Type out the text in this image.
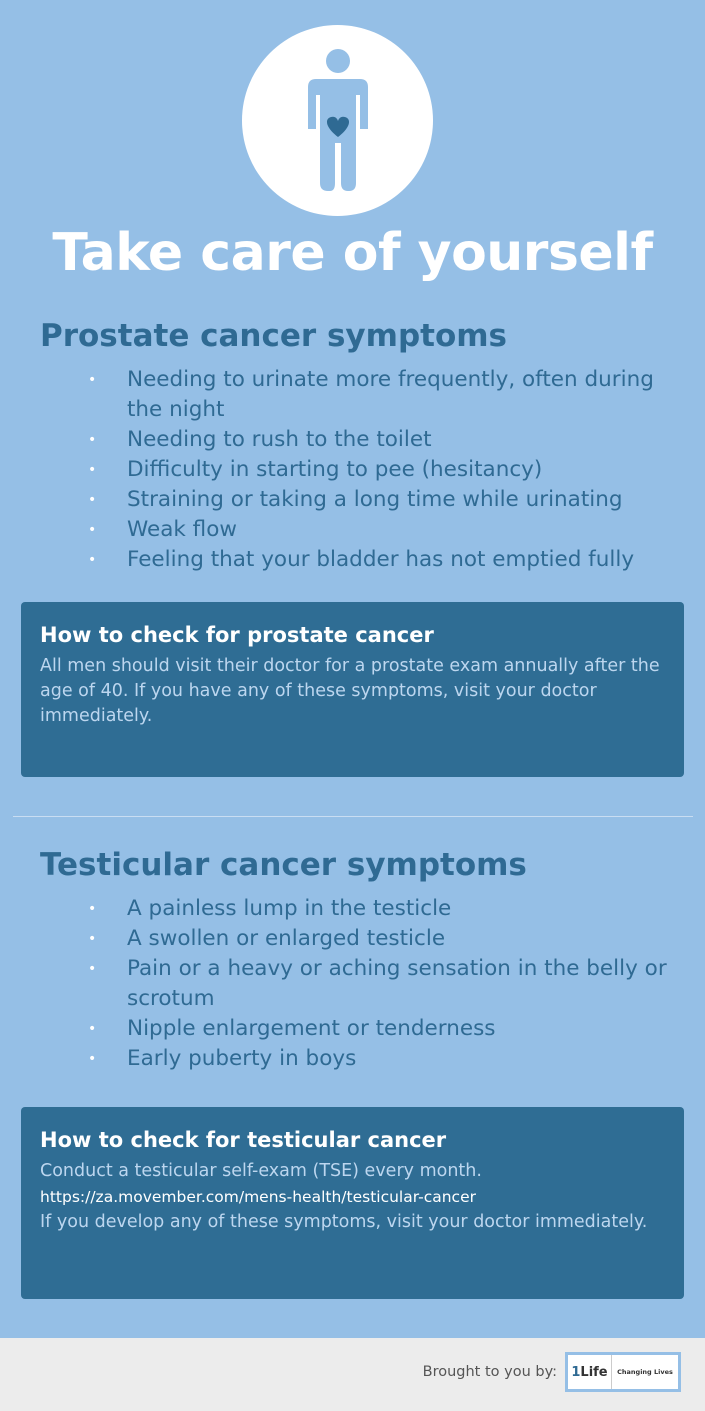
Take care of yourself
Prostate cancer symptoms
• Needing to urinate more frequently, often during the night
• Needing to rush to the toilet
• Difficulty in starting to pee (hesitancy)
• Straining or taking a long time while urinating
• Weak flow
• Feeling that your bladder has not emptied fully
How to check for prostate cancer
All men should visit their doctor for a prostate exam annually after the age of 40. If you have any of these symptoms, visit your doctor immediately.
Testicular cancer symptoms
• A painless lump in the testicle
• A swollen or enlarged testicle
• Pain or a heavy or aching sensation in the belly or scrotum
• Nipple enlargement or tenderness
• Early puberty in boys
How to check for testicular cancer
Conduct a testicular self-exam (TSE) every month.
https://za.movember.com/mens-health/testicular-cancer
If you develop any of these symptoms, visit your doctor immediately.
Brought to you by: 1 Life	Changing Lives
